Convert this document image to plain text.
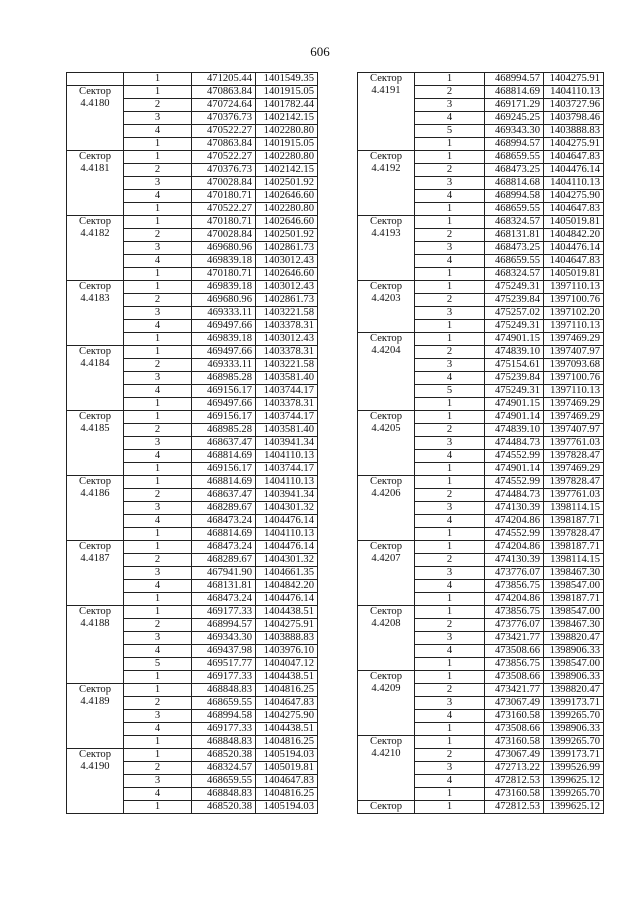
606
	1	471205.44	1401549.35

Сектор
4.4180	1	470863.84	1401915.05
	2	470724.64	1401782.44
	3	470376.73	1402142.15
	4	470522.27	1402280.80
	1	470863.84	1401915.05

Сектор
4.4181	1	470522.27	1402280.80
	2	470376.73	1402142.15
	3	470028.84	1402501.92
	4	470180.71	1402646.60
	1	470522.27	1402280.80

Сектор
4.4182	1	470180.71	1402646.60
	2	470028.84	1402501.92
	3	469680.96	1402861.73
	4	469839.18	1403012.43
	1	470180.71	1402646.60

Сектор
4.4183	1	469839.18	1403012.43
	2	469680.96	1402861.73
	3	469333.11	1403221.58
	4	469497.66	1403378.31
	1	469839.18	1403012.43

Сектор
4.4184	1	469497.66	1403378.31
	2	469333.11	1403221.58
	3	468985.28	1403581.40
	4	469156.17	1403744.17
	1	469497.66	1403378.31

Сектор
4.4185	1	469156.17	1403744.17
	2	468985.28	1403581.40
	3	468637.47	1403941.34
	4	468814.69	1404110.13
	1	469156.17	1403744.17

Сектор
4.4186	1	468814.69	1404110.13
	2	468637.47	1403941.34
	3	468289.67	1404301.32
	4	468473.24	1404476.14
	1	468814.69	1404110.13

Сектор
4.4187	1	468473.24	1404476.14
	2	468289.67	1404301.32
	3	467941.90	1404661.35
	4	468131.81	1404842.20
	1	468473.24	1404476.14

Сектор
4.4188	1	469177.33	1404438.51
	2	468994.57	1404275.91
	3	469343.30	1403888.83
	4	469437.98	1403976.10
	5	469517.77	1404047.12
	1	469177.33	1404438.51

Сектор
4.4189	1	468848.83	1404816.25
	2	468659.55	1404647.83
	3	468994.58	1404275.90
	4	469177.33	1404438.51
	1	468848.83	1404816.25

Сектор
4.4190	1	468520.38	1405194.03
	2	468324.57	1405019.81
	3	468659.55	1404647.83
	4	468848.83	1404816.25
	1	468520.38	1405194.03
Сектор
4.4191	1	468994.57	1404275.91
	2	468814.69	1404110.13
	3	469171.29	1403727.96
	4	469245.25	1403798.46
	5	469343.30	1403888.83
	1	468994.57	1404275.91

Сектор
4.4192	1	468659.55	1404647.83
	2	468473.25	1404476.14
	3	468814.68	1404110.13
	4	468994.58	1404275.90
	1	468659.55	1404647.83

Сектор
4.4193	1	468324.57	1405019.81
	2	468131.81	1404842.20
	3	468473.25	1404476.14
	4	468659.55	1404647.83
	1	468324.57	1405019.81

Сектор
4.4203	1	475249.31	1397110.13
	2	475239.84	1397100.76
	3	475257.02	1397102.20
	1	475249.31	1397110.13

Сектор
4.4204	1	474901.15	1397469.29
	2	474839.10	1397407.97
	3	475154.61	1397093.68
	4	475239.84	1397100.76
	5	475249.31	1397110.13
	1	474901.15	1397469.29

Сектор
4.4205	1	474901.14	1397469.29
	2	474839.10	1397407.97
	3	474484.73	1397761.03
	4	474552.99	1397828.47
	1	474901.14	1397469.29

Сектор
4.4206	1	474552.99	1397828.47
	2	474484.73	1397761.03
	3	474130.39	1398114.15
	4	474204.86	1398187.71
	1	474552.99	1397828.47

Сектор
4.4207	1	474204.86	1398187.71
	2	474130.39	1398114.15
	3	473776.07	1398467.30
	4	473856.75	1398547.00
	1	474204.86	1398187.71

Сектор
4.4208	1	473856.75	1398547.00
	2	473776.07	1398467.30
	3	473421.77	1398820.47
	4	473508.66	1398906.33
	1	473856.75	1398547.00

Сектор
4.4209	1	473508.66	1398906.33
	2	473421.77	1398820.47
	3	473067.49	1399173.71
	4	473160.58	1399265.70
	1	473508.66	1398906.33

Сектор
4.4210	1	473160.58	1399265.70
	2	473067.49	1399173.71
	3	472713.22	1399526.99
	4	472812.53	1399625.12
	1	473160.58	1399265.70

Сектор	1	472812.53	1399625.12
